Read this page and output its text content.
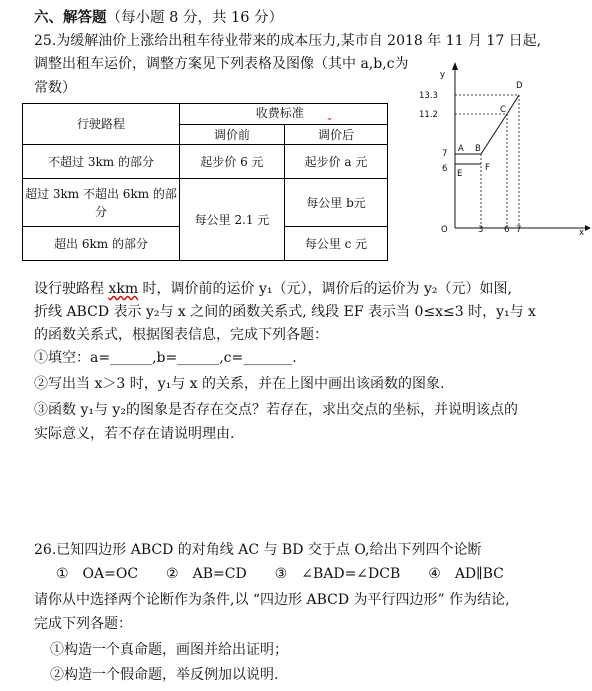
六、解答题（每小题 8 分，共 16 分）
25.为缓解油价上涨给出租车待业带来的成本压力,某市自 2018 年 11 月 17 日起,
调整出租车运价，调整方案见下列表格及图像（其中 a,b,c为
常数）
行驶路程	收费标准 $_⌄$
	调价前	调价后
不超过 3km 的部分	起步价 6 元	起步价 a 元
超过 3km 不超出 6km 的部
分	每公里 2.1 元	每公里 b元
超出 6km 的部分		每公里 c 元
y
x
O
13.3
11.2
7
6
3 6 7
A B
C
D
E
F
设行驶路程 xkm 时，调价前的运价 y₁（元），调价后的运价为 y₂（元）如图,
折线 ABCD 表示 y₂与 x 之间的函数关系式, 线段 EF 表示当 0≤x≤3 时，y₁与 x
的函数关系式，根据图表信息，完成下列各题：
①填空：a=______,b=______,c=_______.
②写出当 x＞3 时，y₁与 x 的关系，并在上图中画出该函数的图象.
③函数 y₁与 y₂的图象是否存在交点？若存在，求出交点的坐标，并说明该点的
实际意义，若不存在请说明理由.
26.已知四边形 ABCD 的对角线 AC 与 BD 交于点 O,给出下列四个论断
①　OA=OC　　②　AB=CD　　③　∠BAD=∠DCB　　④　AD∥BC
请你从中选择两个论断作为条件,以 “四边形 ABCD 为平行四边形” 作为结论,
完成下列各题：
①构造一个真命题，画图并给出证明；
②构造一个假命题，举反例加以说明.
